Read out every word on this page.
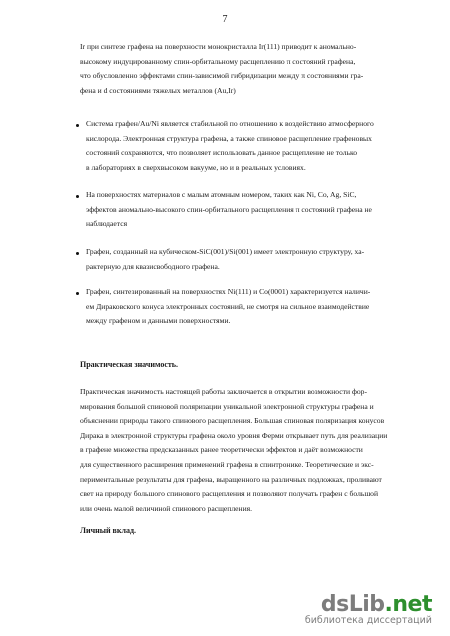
7

Ir при синтезе графена на поверхности монокристалла Ir(111) приводит к аномально-
высокому индуцированному спин-орбитальному расщеплению π состояний графена,
что обусловленно эффектами спин-зависимой гибридизации между π состояниями гра-
фена и d состояниями тяжелых металлов (Au,Ir)

Система графен/Au/Ni является стабильной по отношению к воздействию атмосферного
кислорода. Электронная структура графена, а также спиновое расщепление графеновых
состояний сохраняются, что позволяет использовать данное расщепление не только
в лабораториях в сверхвысоком вакууме, но и в реальных условиях.

На поверхностях материалов с малым атомным номером, таких как Ni, Co, Ag, SiC,
эффектов аномально-высокого спин-орбитального расщепления π состояний графена не
наблюдается

Графен, созданный на кубическом-SiC(001)/Si(001) имеет электронную структуру, ха-
рактерную для квазисвободного графена.

Графен, синтезированный на поверхностях Ni(111) и Co(0001) характеризуется наличи-
ем Дираковского конуса электронных состояний, не смотря на сильное взаимодействие
между графеном и данными поверхностями.

Практическая значимость.

Практическая значимость настоящей работы заключается в открытии возможности фор-
мирования большой спиновой поляризации уникальной электронной структуры графена и
объяснении природы такого спинового расщепления. Большая спиновая поляризация конусов
Дирака в электронной структуры графена около уровня Ферми открывает путь для реализации
в графене множества предсказанных ранее теоретически эффектов и даёт возможности
для существенного расширения применений графена в спинтронике. Теоретические и экс-
периментальные результаты для графена, выращенного на различных подложках, проливают
свет на природу большого спинового расщепления и позволяют получать графен с большой
или очень малой величиной спинового расщепления.

Личный вклад.
dsLib.net
библиотека диссертаций
